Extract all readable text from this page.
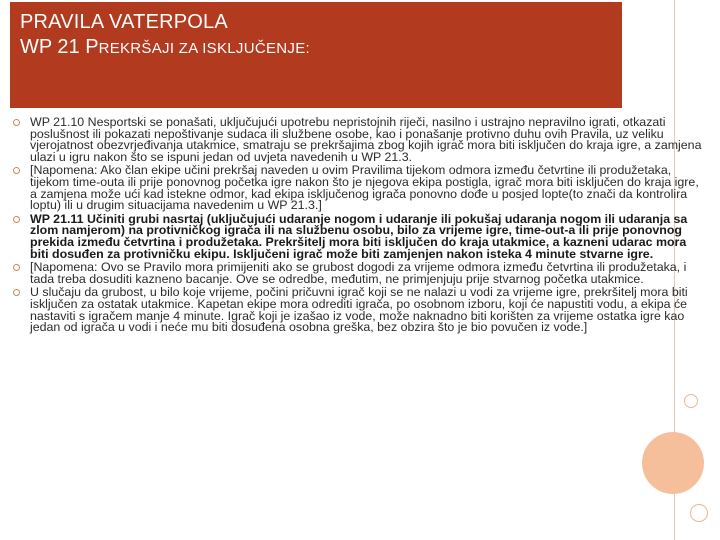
PRAVILA VATERPOLA
WP 21 PREKRŠAJI ZA ISKLJUČENJE:
WP 21.10 Nesportski se ponašati, uključujući upotrebu nepristojnih riječi, nasilno i ustrajno nepravilno igrati, otkazati poslušnost ili pokazati nepoštivanje sudaca ili službene osobe, kao i ponašanje protivno duhu ovih Pravila, uz veliku vjerojatnost obezvrjeđivanja utakmice, smatraju se prekršajima zbog kojih igrač mora biti isključen do kraja igre, a zamjena ulazi u igru nakon što se ispuni jedan od uvjeta navedenih u WP 21.3.
[Napomena: Ako član ekipe učini prekršaj naveden u ovim Pravilima tijekom odmora između četvrtine ili produžetaka, tijekom time-outa ili prije ponovnog početka igre nakon što je njegova ekipa postigla, igrač mora biti isključen do kraja igre, a zamjena može ući kad istekne odmor, kad ekipa isključenog igrača ponovno dođe u posjed lopte(to znači da kontrolira loptu) ili u drugim situacijama navedenim u WP 21.3.]
WP 21.11 Učiniti grubi nasrtaj (uključujući udaranje nogom i udaranje ili pokušaj udaranja nogom ili udaranja sa zlom namjerom) na protivničkog igrača ili na službenu osobu, bilo za vrijeme igre, time-out-a ili prije ponovnog prekida između četvrtina i produžetaka. Prekršitelj mora biti isključen do kraja utakmice, a kazneni udarac mora biti dosuđen za protivničku ekipu. Isključeni igrač može biti zamjenjen nakon isteka 4 minute stvarne igre.
[Napomena: Ovo se Pravilo mora primijeniti ako se grubost dogodi za vrijeme odmora između četvrtina ili produžetaka, i tada treba dosuditi kazneno bacanje. Ove se odredbe, međutim, ne primjenjuju prije stvarnog početka utakmice.
U slučaju da grubost, u bilo koje vrijeme, počini pričuvni igrač koji se ne nalazi u vodi za vrijeme igre, prekršitelj mora biti isključen za ostatak utakmice. Kapetan ekipe mora odrediti igrača, po osobnom izboru, koji će napustiti vodu, a ekipa će nastaviti s igračem manje 4 minute. Igrač koji je izašao iz vode, može naknadno biti korišten za vrijeme ostatka igre kao jedan od igrača u vodi i neće mu biti dosuđena osobna greška, bez obzira što je bio povučen iz vode.]
